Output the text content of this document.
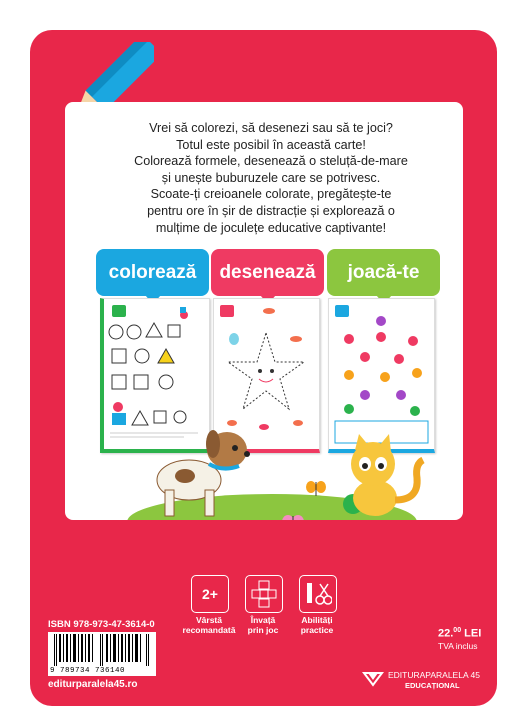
Vrei să colorezi, să desenezi sau să te joci?
Totul este posibil în această carte!
Colorează formele, desenează o steluță-de-mare
și unește buburuzele care se potrivesc.
Scoate-ți creioanele colorate, pregătește-te
pentru ore în șir de distracție și explorează o
mulțime de joculețe educative captivante!
colorează	desenează	joacă-te
2+
Vârstă
recomandată
Învață
prin joc
Abilități
practice
ISBN 978-973-47-3614-0
9 789734 736140
editurparalela45.ro
22.00 LEI
TVA inclus
EDITURAPARALELA 45
EDUCAȚIONAL
